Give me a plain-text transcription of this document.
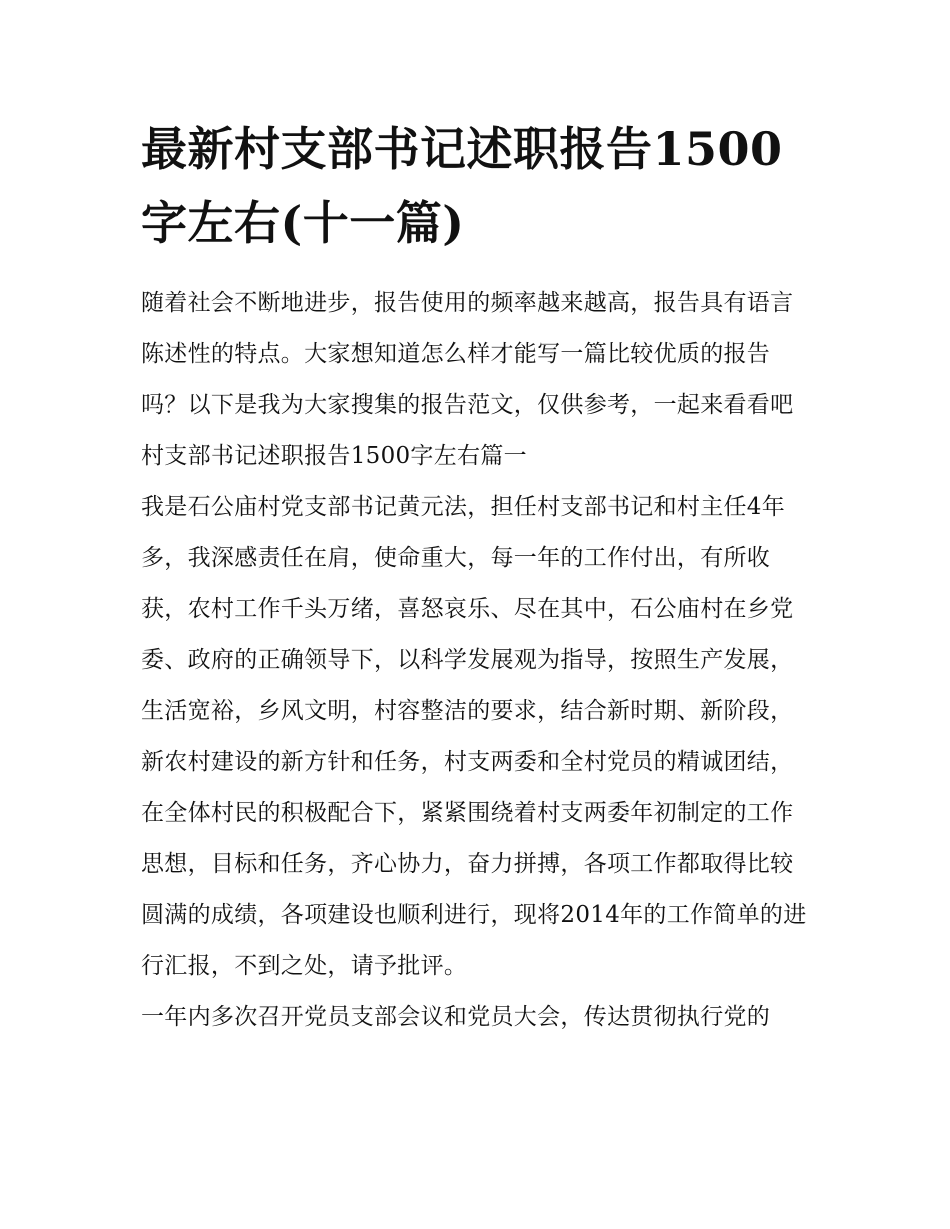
最新村支部书记述职报告1500字左右(十一篇)

随着社会不断地进步，报告使用的频率越来越高，报告具有语言陈述性的特点。大家想知道怎么样才能写一篇比较优质的报告吗？以下是我为大家搜集的报告范文，仅供参考，一起来看看吧

村支部书记述职报告1500字左右篇一

我是石公庙村党支部书记黄元法，担任村支部书记和村主任4年多，我深感责任在肩，使命重大，每一年的工作付出，有所收获，农村工作千头万绪，喜怒哀乐、尽在其中，石公庙村在乡党委、政府的正确领导下，以科学发展观为指导，按照生产发展，生活宽裕，乡风文明，村容整洁的要求，结合新时期、新阶段，新农村建设的新方针和任务，村支两委和全村党员的精诚团结，在全体村民的积极配合下，紧紧围绕着村支两委年初制定的工作思想，目标和任务，齐心协力，奋力拼搏，各项工作都取得比较圆满的成绩，各项建设也顺利进行，现将2014年的工作简单的进行汇报，不到之处，请予批评。

一年内多次召开党员支部会议和党员大会，传达贯彻执行党的
